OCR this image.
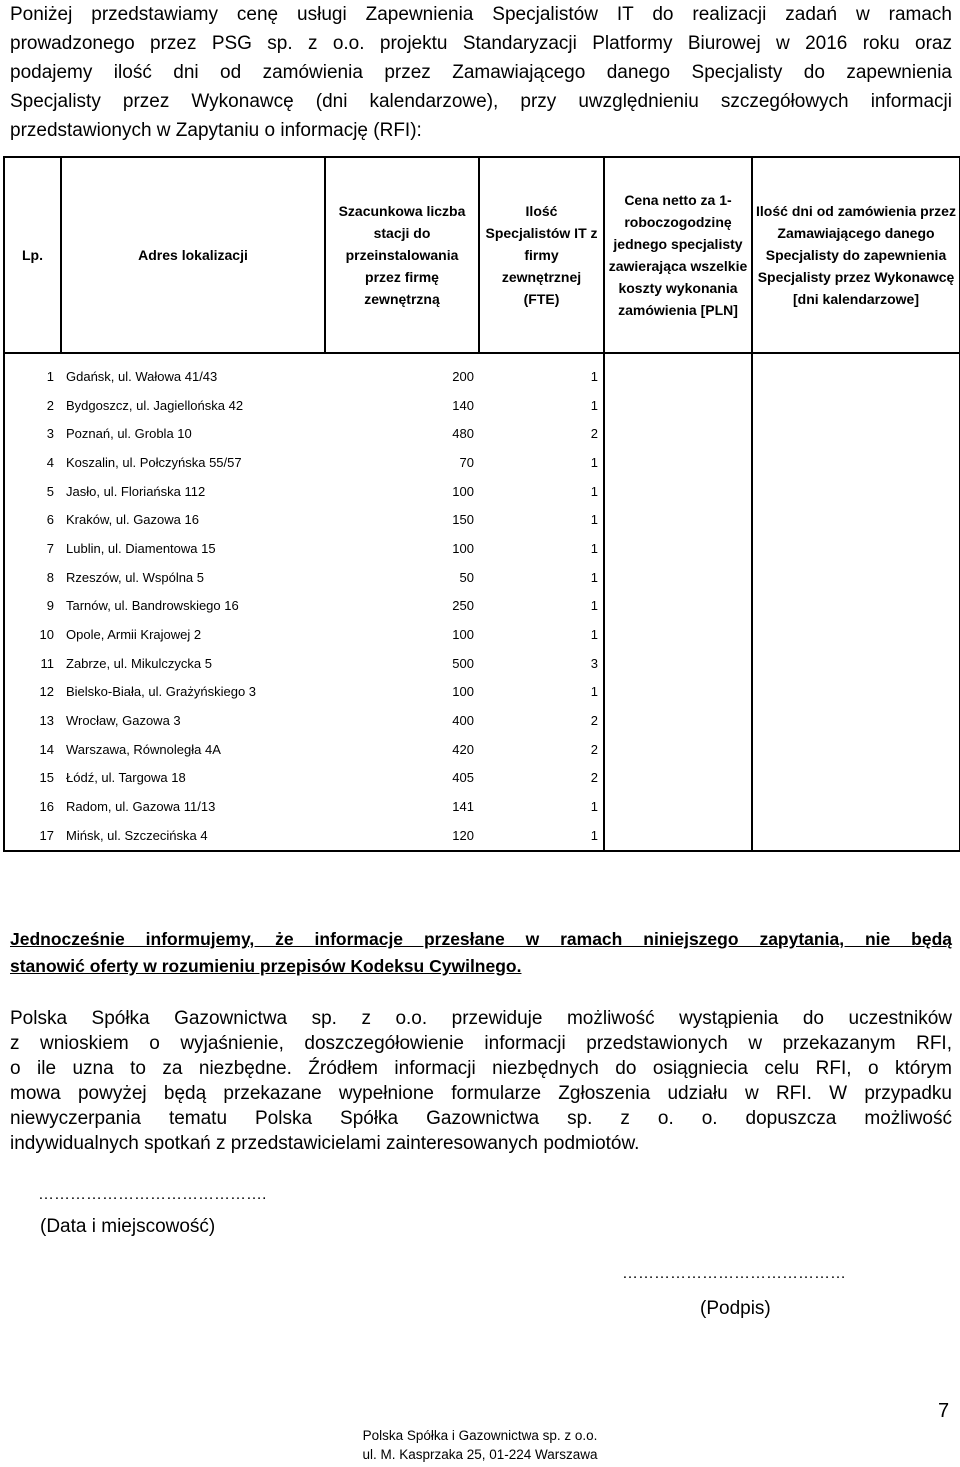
Poniżej przedstawiamy cenę usługi Zapewnienia Specjalistów IT do realizacji zadań w ramach
prowadzonego przez PSG sp. z o.o. projektu Standaryzacji Platformy Biurowej w 2016 roku oraz
podajemy ilość dni od zamówienia przez Zamawiającego danego Specjalisty do zapewnienia
Specjalisty przez Wykonawcę (dni kalendarzowe), przy uwzględnieniu szczegółowych informacji
przedstawionych w Zapytaniu o informację (RFI):
Lp.	Adres lokalizacji	Szacunkowa liczba stacji do przeinstalowania przez firmę zewnętrzną	Ilość Specjalistów IT z firmy zewnętrznej (FTE)	Cena netto za 1-roboczogodzinę jednego specjalisty zawierająca wszelkie koszty wykonania zamówienia [PLN]	Ilość dni od zamówienia przez Zamawiającego danego Specjalisty do zapewnienia Specjalisty przez Wykonawcę [dni kalendarzowe]
1	Gdańsk, ul. Wałowa 41/43	200	1		
2	Bydgoszcz, ul. Jagiellońska 42	140	1		
3	Poznań, ul. Grobla 10	480	2		
4	Koszalin, ul. Połczyńska 55/57	70	1		
5	Jasło, ul. Floriańska 112	100	1		
6	Kraków, ul. Gazowa 16	150	1		
7	Lublin, ul. Diamentowa 15	100	1		
8	Rzeszów, ul. Wspólna 5	50	1		
9	Tarnów, ul. Bandrowskiego 16	250	1		
10	Opole, Armii Krajowej 2	100	1		
11	Zabrze, ul. Mikulczycka 5	500	3		
12	Bielsko-Biała, ul. Grażyńskiego 3	100	1		
13	Wrocław, Gazowa 3	400	2		
14	Warszawa, Równoległa 4A	420	2		
15	Łódź, ul. Targowa 18	405	2		
16	Radom, ul. Gazowa 11/13	141	1		
17	Mińsk, ul. Szczecińska 4	120	1		
Jednocześnie informujemy, że informacje przesłane w ramach niniejszego zapytania, nie będą
stanowić oferty w rozumieniu przepisów Kodeksu Cywilnego.
Polska Spółka Gazownictwa sp. z o.o. przewiduje możliwość wystąpienia do uczestników
z wnioskiem o wyjaśnienie, doszczegółowienie informacji przedstawionych w przekazanym RFI,
o ile uzna to za niezbędne. Źródłem informacji niezbędnych do osiągniecia celu RFI, o którym
mowa powyżej będą przekazane wypełnione formularze Zgłoszenia udziału w RFI. W przypadku
niewyczerpania tematu Polska Spółka Gazownictwa sp. z o. o. dopuszcza możliwość
indywidualnych spotkań z przedstawicielami zainteresowanych podmiotów.
…………………………………….
(Data i miejscowość)
……………………………………
(Podpis)
7
Polska Spółka i Gazownictwa sp. z o.o.
ul. M. Kasprzaka 25, 01-224 Warszawa
